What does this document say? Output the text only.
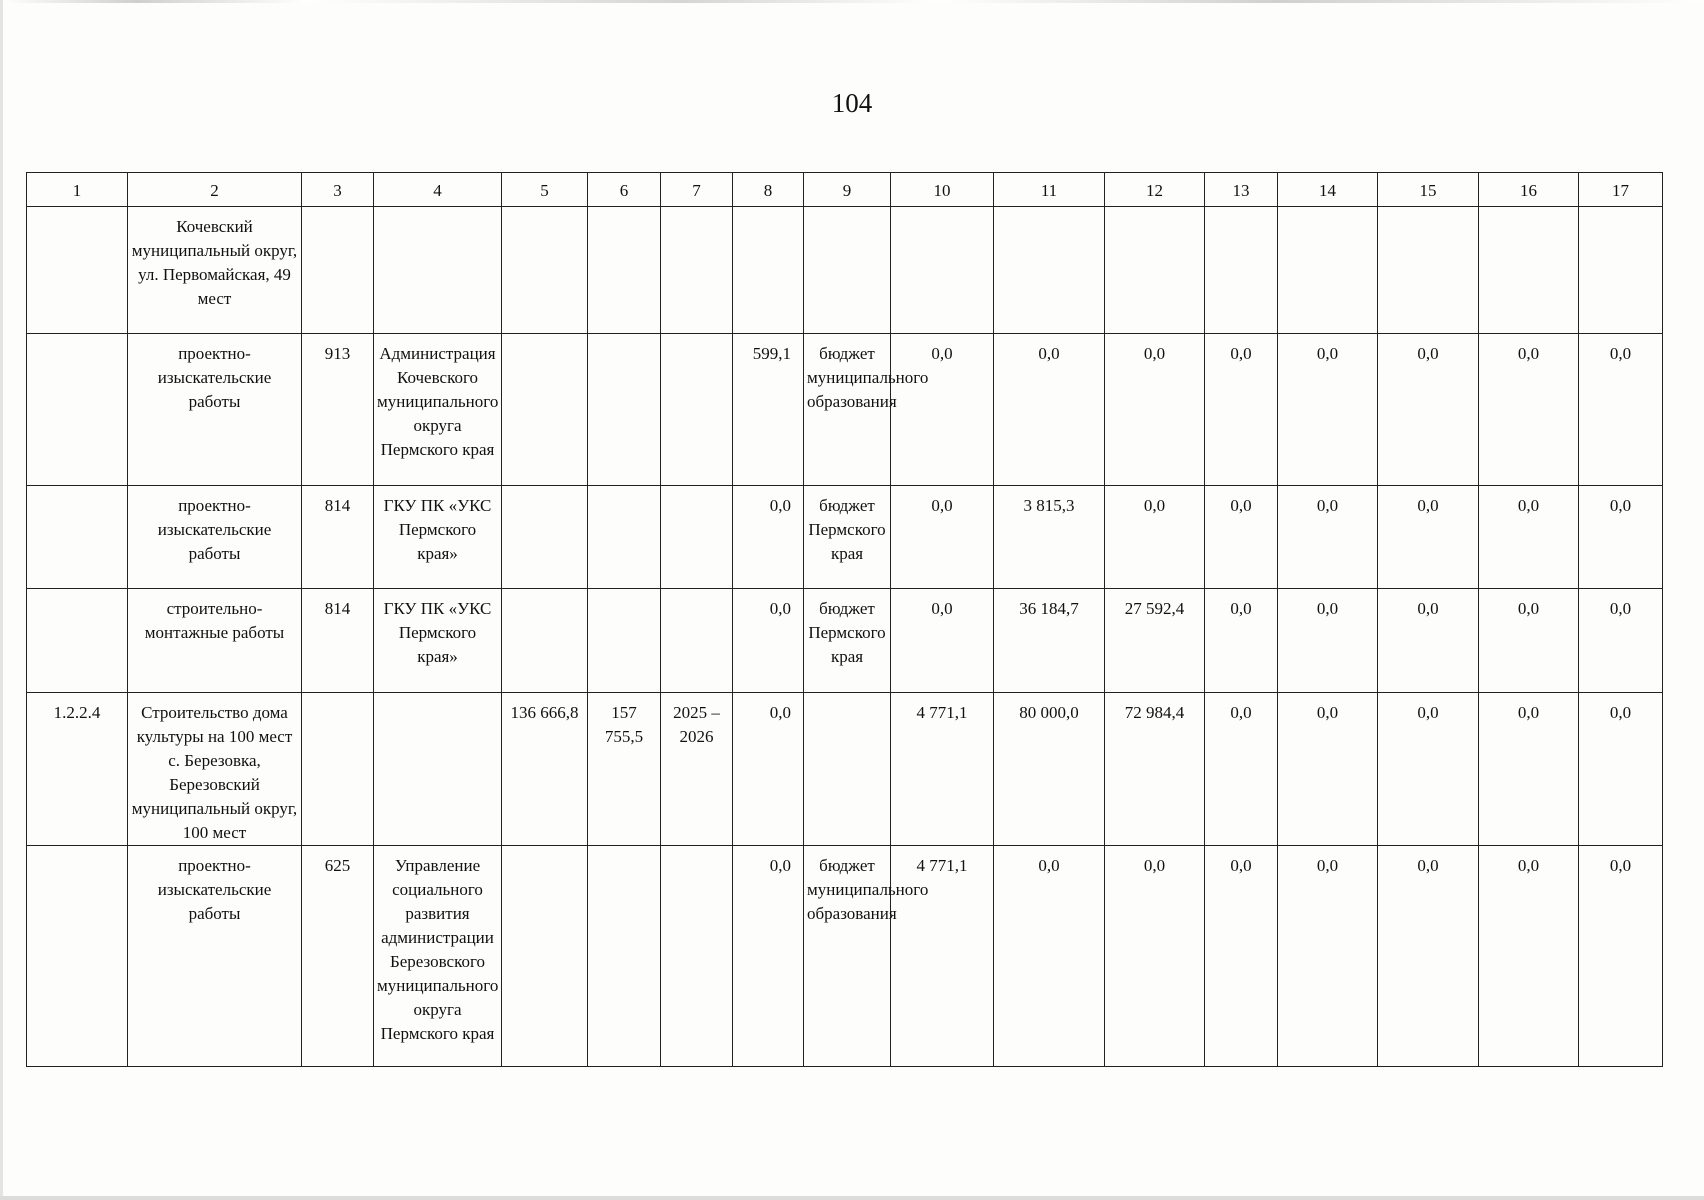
104
1	2	3	4	5	6	7	8	9	10	11	12	13	14	15	16	17
	Кочевский муниципальный округ, ул. Первомайская, 49 мест															
	проектно-изыскательские работы	913	Администрация Кочевского муниципального округа Пермского края				599,1	бюджет муниципального образования	0,0	0,0	0,0	0,0	0,0	0,0	0,0	0,0
	проектно-изыскательские работы	814	ГКУ ПК «УКС Пермского края»				0,0	бюджет Пермского края	0,0	3 815,3	0,0	0,0	0,0	0,0	0,0	0,0
	строительно-монтажные работы	814	ГКУ ПК «УКС Пермского края»				0,0	бюджет Пермского края	0,0	36 184,7	27 592,4	0,0	0,0	0,0	0,0	0,0
1.2.2.4	Строительство дома культуры на 100 мест с. Березовка, Березовский муниципальный округ, 100 мест			136 666,8	157 755,5	2025 – 2026	0,0		4 771,1	80 000,0	72 984,4	0,0	0,0	0,0	0,0	0,0
	проектно-изыскательские работы	625	Управление социального развития администрации Березовского муниципального округа Пермского края				0,0	бюджет муниципального образования	4 771,1	0,0	0,0	0,0	0,0	0,0	0,0	0,0
